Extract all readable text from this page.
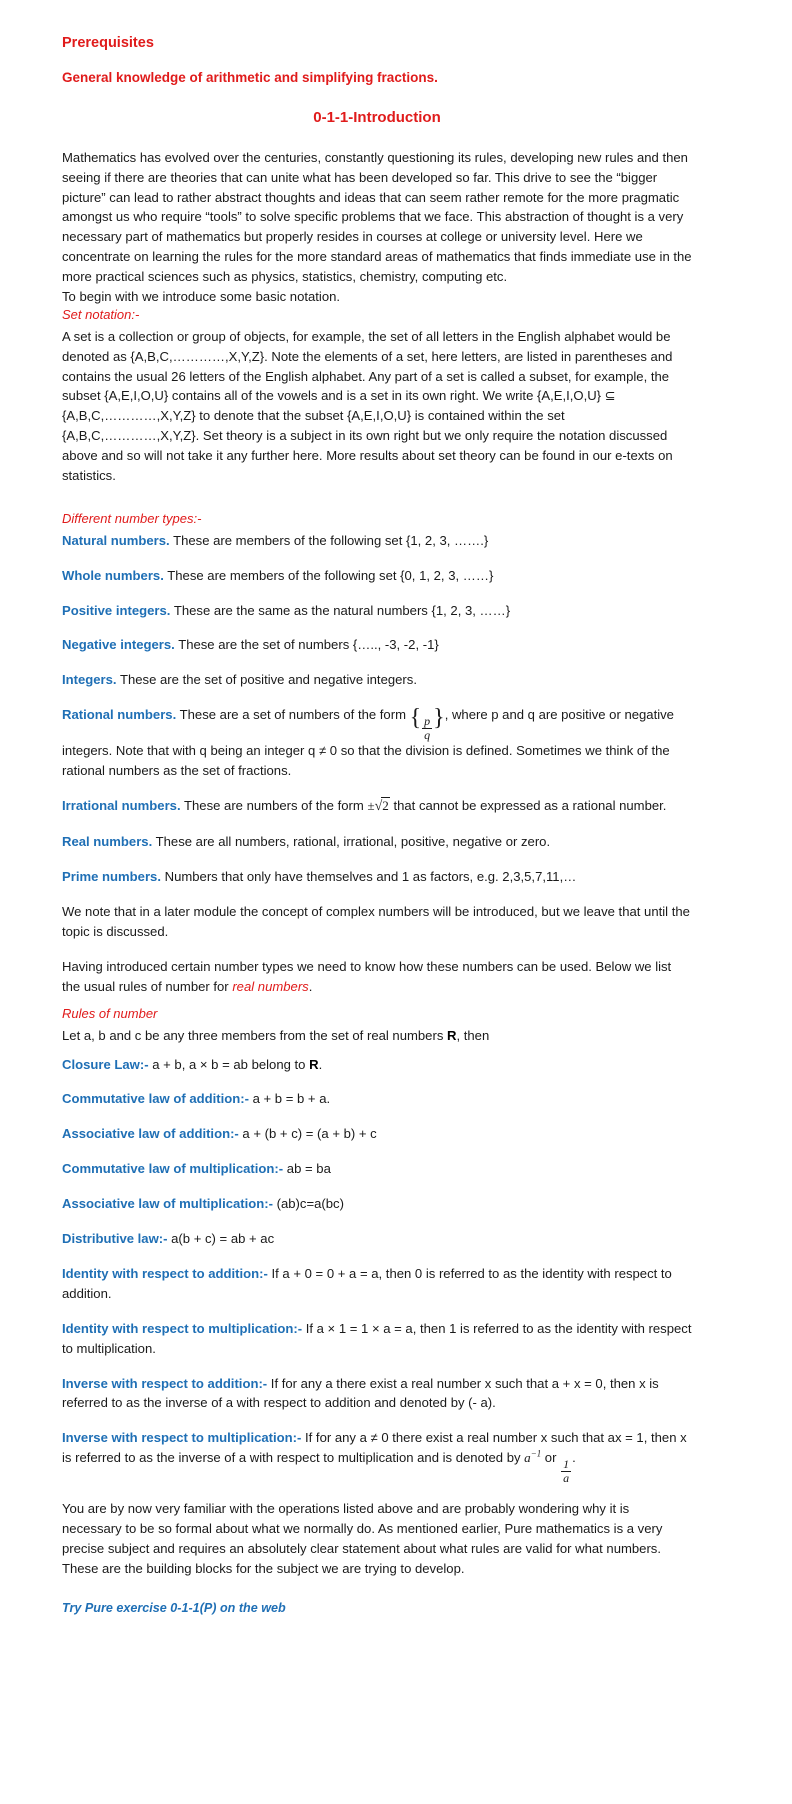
Prerequisites

General knowledge of arithmetic and simplifying fractions.

0-1-1-Introduction

Mathematics has evolved over the centuries, constantly questioning its rules, developing new rules and then seeing if there are theories that can unite what has been developed so far. This drive to see the “bigger picture” can lead to rather abstract thoughts and ideas that can seem rather remote for the more pragmatic amongst us who require “tools” to solve specific problems that we face. This abstraction of thought is a very necessary part of mathematics but properly resides in courses at college or university level. Here we concentrate on learning the rules for the more standard areas of mathematics that finds immediate use in the more practical sciences such as physics, statistics, chemistry, computing etc.

To begin with we introduce some basic notation.

Set notation:-

A set is a collection or group of objects, for example, the set of all letters in the English alphabet would be denoted as {A,B,C,…………,X,Y,Z}. Note the elements of a set, here letters, are listed in parentheses and contains the usual 26 letters of the English alphabet. Any part of a set is called a subset, for example, the subset {A,E,I,O,U} contains all of the vowels and is a set in its own right. We write {A,E,I,O,U} ⊆ {A,B,C,…………,X,Y,Z} to denote that the subset {A,E,I,O,U} is contained within the set {A,B,C,…………,X,Y,Z}. Set theory is a subject in its own right but we only require the notation discussed above and so will not take it any further here. More results about set theory can be found in our e-texts on statistics.

Different number types:-

Natural numbers. These are members of the following set {1, 2, 3, …….}

Whole numbers. These are members of the following set {0, 1, 2, 3, ……}

Positive integers. These are the same as the natural numbers {1, 2, 3, ……}

Negative integers. These are the set of numbers {….., -3, -2, -1}

Integers. These are the set of positive and negative integers.

Rational numbers. These are a set of numbers of the form { $\frac{p}{q}$ }, where p and q are positive or negative integers. Note that with q being an integer q ≠ 0 so that the division is defined. Sometimes we think of the rational numbers as the set of fractions.

Irrational numbers. These are numbers of the form ±√2 that cannot be expressed as a rational number.

Real numbers. These are all numbers, rational, irrational, positive, negative or zero.

Prime numbers. Numbers that only have themselves and 1 as factors, e.g. 2,3,5,7,11,…

We note that in a later module the concept of complex numbers will be introduced, but we leave that until the topic is discussed.

Having introduced certain number types we need to know how these numbers can be used. Below we list the usual rules of number for real numbers.

Rules of number

Let a, b and c be any three members from the set of real numbers R, then

Closure Law:- a + b, a × b = ab belong to R.

Commutative law of addition:- a + b = b + a.

Associative law of addition:- a + (b + c) = (a + b) + c

Commutative law of multiplication:- ab = ba

Associative law of multiplication:- (ab)c=a(bc)

Distributive law:- a(b + c) = ab + ac

Identity with respect to addition:- If a + 0 = 0 + a = a, then 0 is referred to as the identity with respect to addition.

Identity with respect to multiplication:- If a × 1 = 1 × a = a, then 1 is referred to as the identity with respect to multiplication.

Inverse with respect to addition:- If for any a there exist a real number x such that a + x = 0, then x is referred to as the inverse of a with respect to addition and denoted by (- a).

Inverse with respect to multiplication:- If for any a ≠ 0 there exist a real number x such that ax = 1, then x is referred to as the inverse of a with respect to multiplication and is denoted by $a^{-1}$ or
$\frac{1}{a}$
.

You are by now very familiar with the operations listed above and are probably wondering why it is necessary to be so formal about what we normally do. As mentioned earlier, Pure mathematics is a very precise subject and requires an absolutely clear statement about what rules are valid for what numbers. These are the building blocks for the subject we are trying to develop.

Try Pure exercise 0-1-1(P) on the web
